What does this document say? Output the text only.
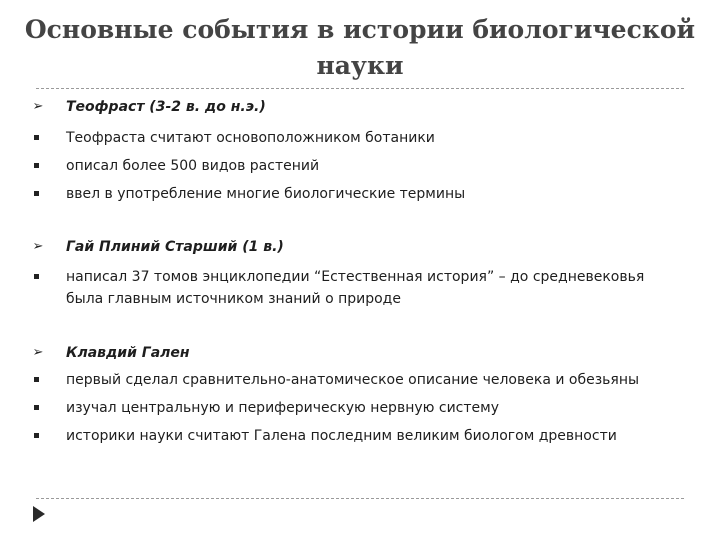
Основные события в истории биологической науки
➢ Теофраст (3-2 в. до н.э.)
Теофраста считают основоположником ботаники
описал более 500 видов растений
ввел в употребление многие биологические термины
➢ Гай Плиний Старший (1 в.)
написал 37 томов энциклопедии “Естественная история” – до средневековья была главным источником знаний о природе
➢ Клавдий Гален
первый сделал сравнительно-анатомическое описание человека и обезьяны
изучал центральную и периферическую нервную систему
историки науки считают Галена последним великим биологом древности
